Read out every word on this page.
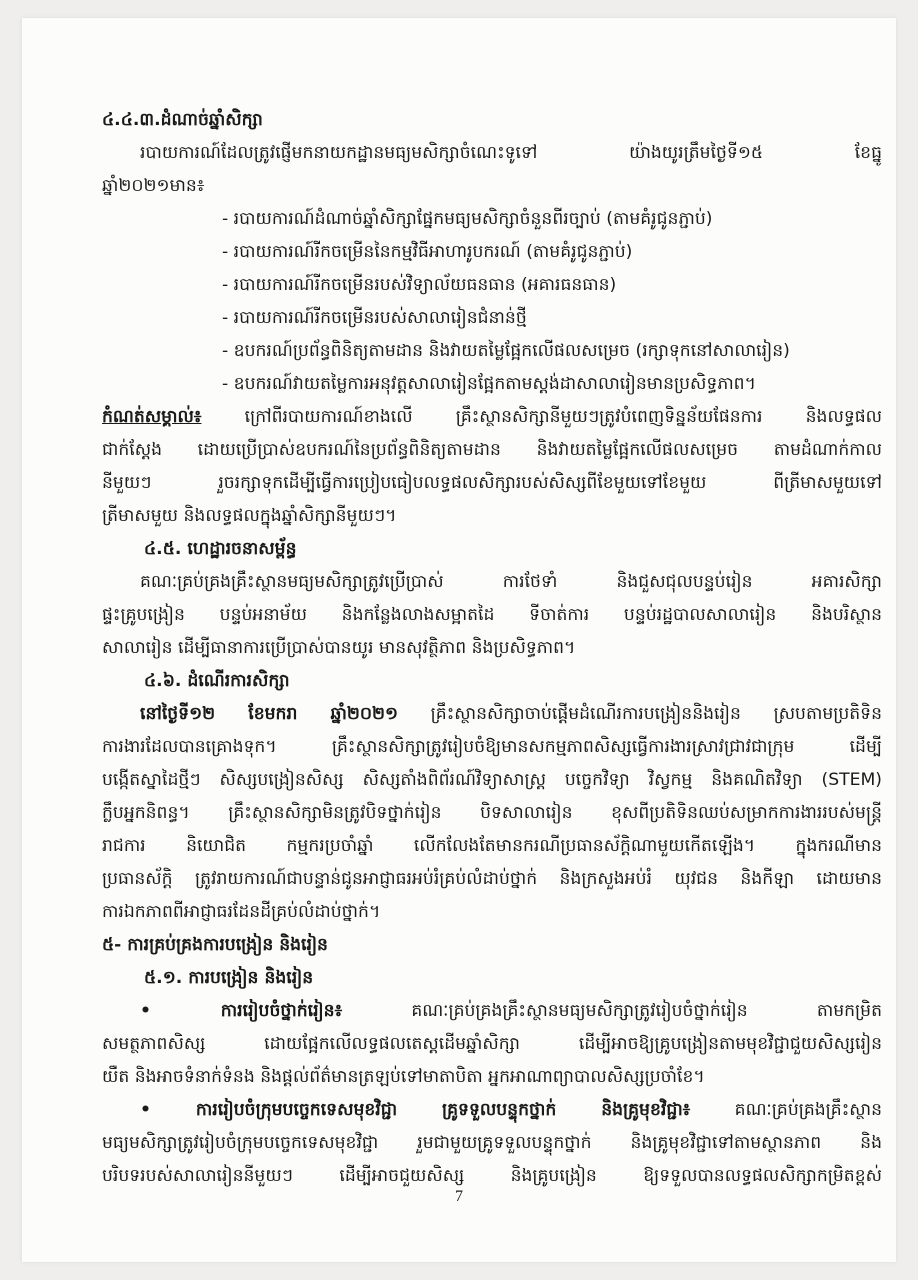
៤.៤.៣.ដំណាច់ឆ្នាំសិក្សា
របាយការណ៍ដែលត្រូវផ្ញើមកនាយកដ្ឋានមធ្យមសិក្សាចំណេះទូទៅ យ៉ាងយូរត្រឹមថ្ងៃទី១៥ ខែធ្នូ
ឆ្នាំ២០២១មាន៖
- របាយការណ៍ដំណាច់ឆ្នាំសិក្សាផ្នែកមធ្យមសិក្សាចំនួនពីរច្បាប់ (តាមគំរូជូនភ្ជាប់)
- របាយការណ៍រីកចម្រើននៃកម្មវិធីអាហារូបករណ៍ (តាមគំរូជូនភ្ជាប់)
- របាយការណ៍រីកចម្រើនរបស់វិទ្យាល័យធនធាន (អគារធនធាន)
- របាយការណ៍រីកចម្រើនរបស់សាលារៀនជំនាន់ថ្មី
- ឧបករណ៍ប្រព័ន្ធពិនិត្យតាមដាន និងវាយតម្លៃផ្អែកលើផលសម្រេច (រក្សាទុកនៅសាលារៀន)
- ឧបករណ៍វាយតម្លៃការអនុវត្តសាលារៀនផ្អែកតាមស្តង់ដាសាលារៀនមានប្រសិទ្ធភាព។
កំណត់សម្គាល់៖	ក្រៅពីរបាយការណ៍ខាងលើ គ្រឹះស្ថានសិក្សានីមួយៗត្រូវបំពេញទិន្នន័យផែនការ និងលទ្ធផល
ជាក់ស្តែង ដោយប្រើប្រាស់ឧបករណ៍នៃប្រព័ន្ធពិនិត្យតាមដាន និងវាយតម្លៃផ្អែកលើផលសម្រេច តាមដំណាក់កាល
នីមួយៗ រួចរក្សាទុកដើម្បីធ្វើការប្រៀបធៀបលទ្ធផលសិក្សារបស់សិស្សពីខែមួយទៅខែមួយ ពីត្រីមាសមួយទៅ
ត្រីមាសមួយ និងលទ្ធផលក្នុងឆ្នាំសិក្សានីមួយៗ។
៤.៥. ហេដ្ឋារចនាសម្ព័ន្ធ
គណៈគ្រប់គ្រងគ្រឹះស្ថានមធ្យមសិក្សាត្រូវប្រើប្រាស់ ការថែទាំ និងជួសជុលបន្ទប់រៀន អគារសិក្សា
ផ្ទះគ្រូបង្រៀន បន្ទប់អនាម័យ និងកន្លែងលាងសម្អាតដៃ ទីចាត់ការ បន្ទប់រដ្ឋបាលសាលារៀន និងបរិស្ថាន
សាលារៀន ដើម្បីធានាការប្រើប្រាស់បានយូរ មានសុវត្ថិភាព និងប្រសិទ្ធភាព។
៤.៦. ដំណើរការសិក្សា
នៅថ្ងៃទី១២ ខែមករា ឆ្នាំ២០២១ គ្រឹះស្ថានសិក្សាចាប់ផ្តើមដំណើរការបង្រៀននិងរៀន ស្របតាមប្រតិទិន
ការងារដែលបានគ្រោងទុក។ គ្រឹះស្ថានសិក្សាត្រូវរៀបចំឱ្យមានសកម្មភាពសិស្សធ្វើការងារស្រាវជ្រាវជាក្រុម ដើម្បី
បង្កើតស្នាដៃថ្មីៗ សិស្សបង្រៀនសិស្ស សិស្សតាំងពិព័រណ៍វិទ្យាសាស្ត្រ បច្ចេកវិទ្យា វិស្វកម្ម និងគណិតវិទ្យា (STEM)
ក្លឹបអ្នកនិពន្ធ។ គ្រឹះស្ថានសិក្សាមិនត្រូវបិទថ្នាក់រៀន បិទសាលារៀន ខុសពីប្រតិទិនឈប់សម្រាកការងាររបស់មន្ត្រី
រាជការ និយោជិត កម្មករប្រចាំឆ្នាំ លើកលែងតែមានករណីប្រធានស័ក្តិណាមួយកើតឡើង។ ក្នុងករណីមាន
ប្រធានស័ក្តិ ត្រូវរាយការណ៍ជាបន្ទាន់ជូនអាជ្ញាធរអប់រំគ្រប់លំដាប់ថ្នាក់ និងក្រសួងអប់រំ យុវជន និងកីឡា ដោយមាន
ការឯកភាពពីអាជ្ញាធរដែនដីគ្រប់លំដាប់ថ្នាក់។
៥- ការគ្រប់គ្រងការបង្រៀន និងរៀន
៥.១. ការបង្រៀន និងរៀន
• ការរៀបចំថ្នាក់រៀន៖ គណៈគ្រប់គ្រងគ្រឹះស្ថានមធ្យមសិក្សាត្រូវរៀបចំថ្នាក់រៀន តាមកម្រិត
សមត្ថភាពសិស្ស ដោយផ្អែកលើលទ្ធផលតេស្តដើមឆ្នាំសិក្សា ដើម្បីអាចឱ្យគ្រូបង្រៀនតាមមុខវិជ្ជាជួយសិស្សរៀន
យឺត និងអាចទំនាក់ទំនង និងផ្តល់ព័ត៌មានត្រឡប់ទៅមាតាបិតា អ្នកអាណាព្យាបាលសិស្សប្រចាំខែ។
• ការរៀបចំក្រុមបច្ចេកទេសមុខវិជ្ជា គ្រូទទួលបន្ទុកថ្នាក់ និងគ្រូមុខវិជ្ជា៖ គណៈគ្រប់គ្រងគ្រឹះស្ថាន
មធ្យមសិក្សាត្រូវរៀបចំក្រុមបច្ចេកទេសមុខវិជ្ជា រួមជាមួយគ្រូទទួលបន្ទុកថ្នាក់ និងគ្រូមុខវិជ្ជាទៅតាមស្ថានភាព និង
បរិបទរបស់សាលារៀននីមួយៗ ដើម្បីអាចជួយសិស្ស និងគ្រូបង្រៀន ឱ្យទទួលបានលទ្ធផលសិក្សាកម្រិតខ្ពស់
7
